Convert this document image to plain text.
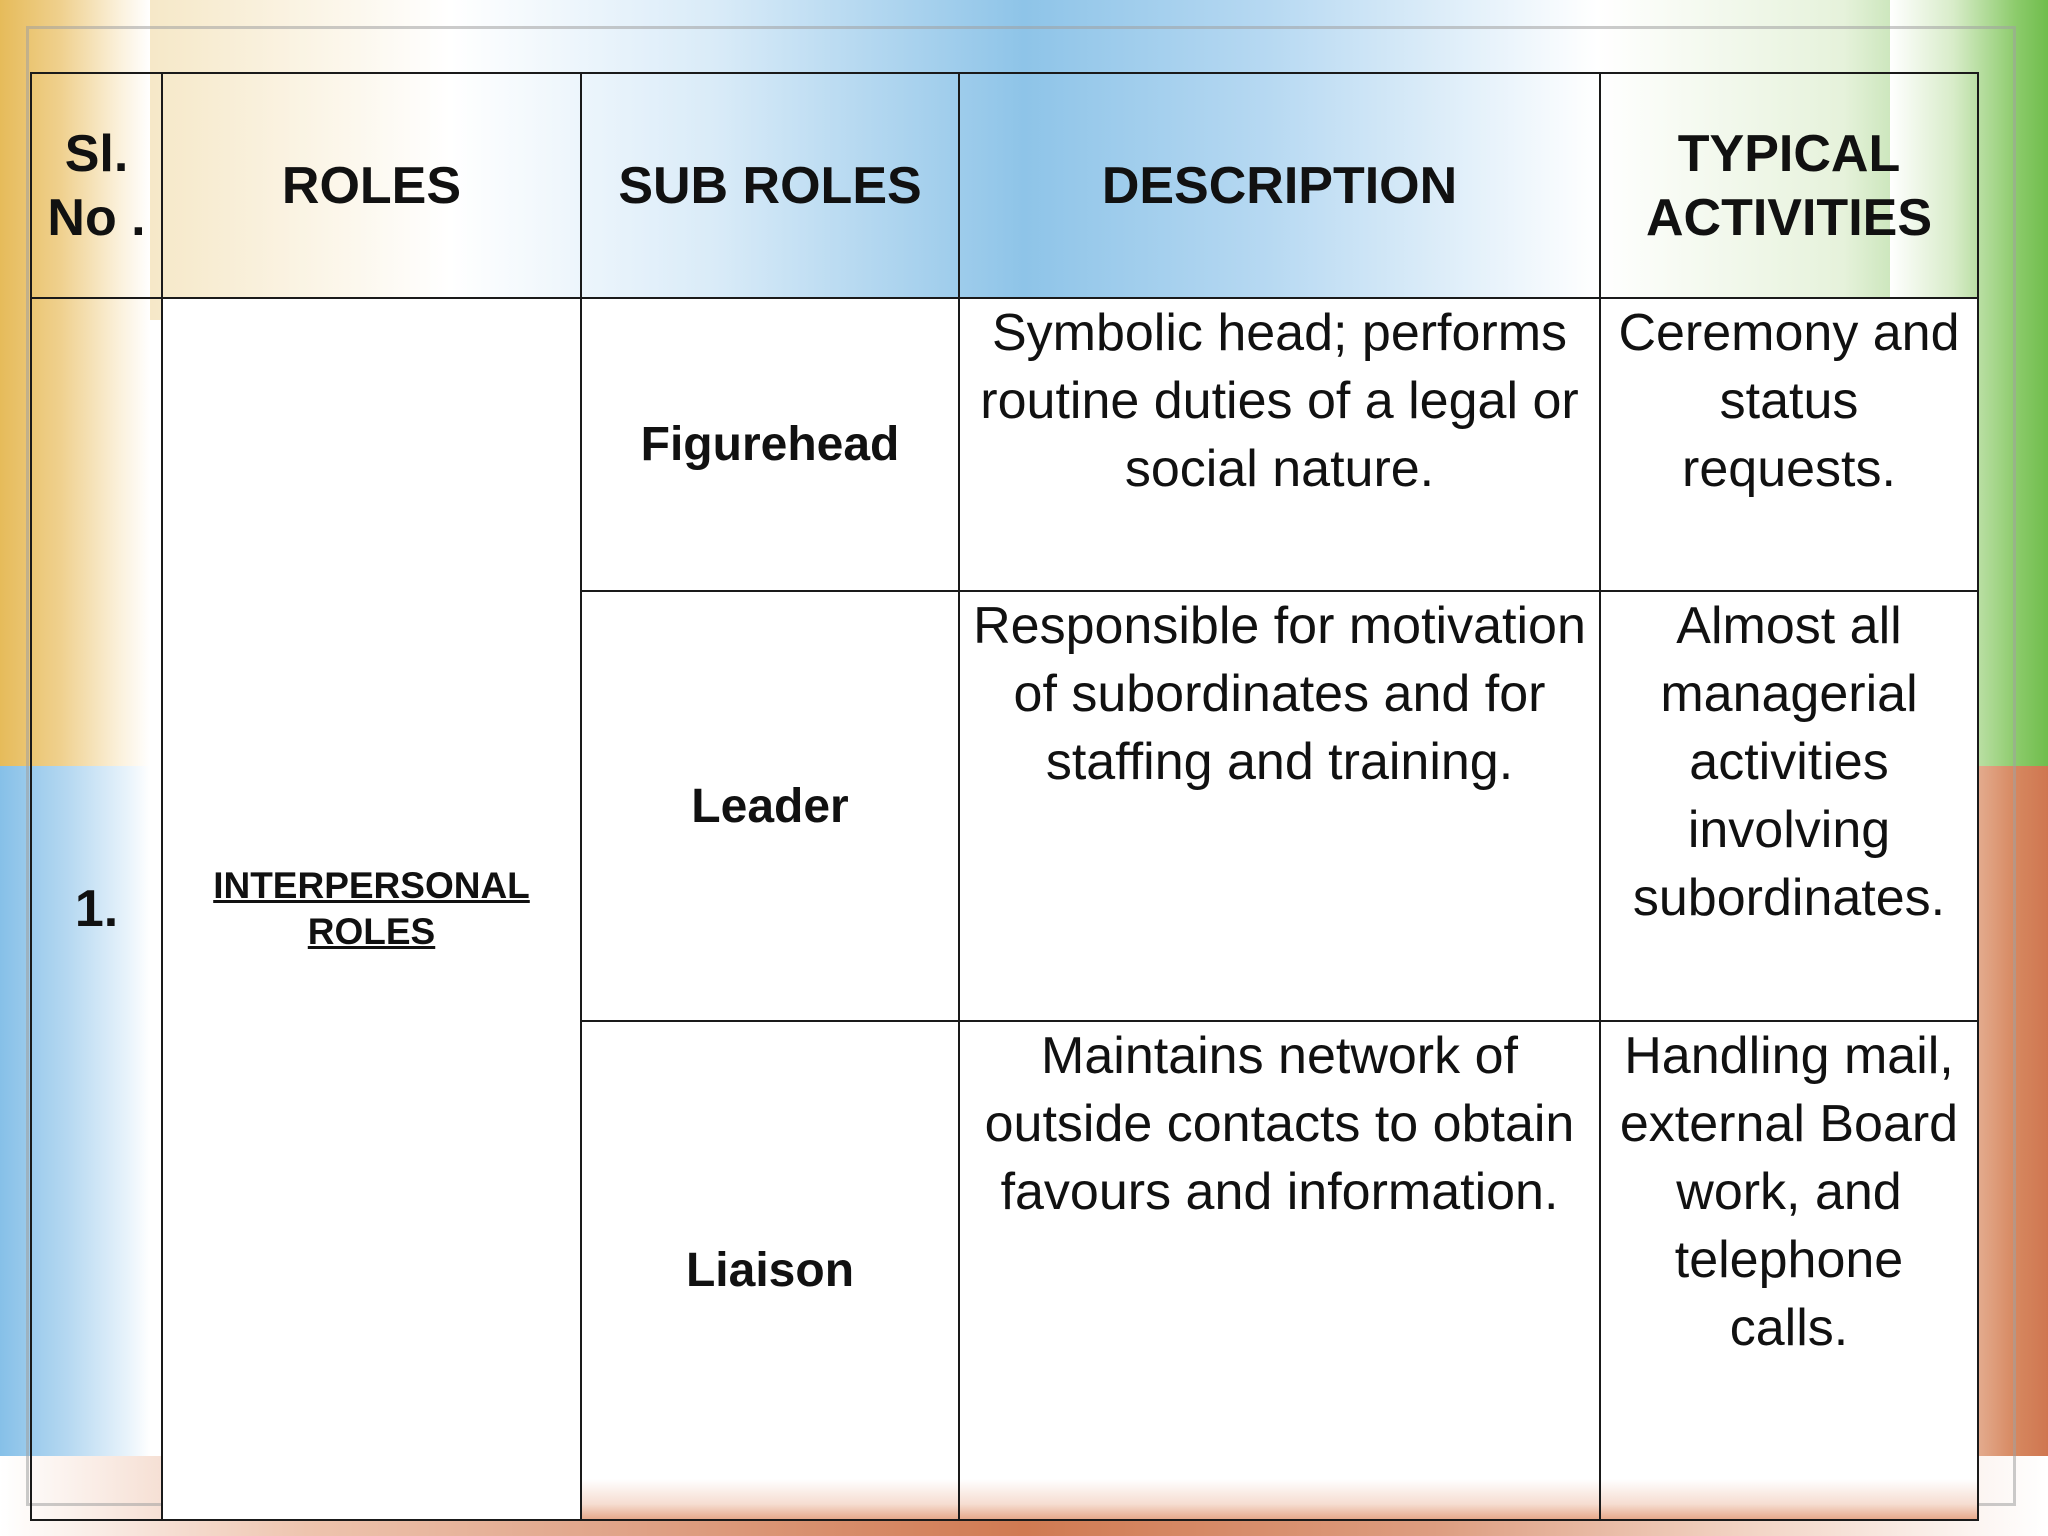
Sl. No .	ROLES	SUB ROLES	DESCRIPTION	TYPICAL ACTIVITIES
1.	INTERPERSONAL ROLES	Figurehead	Symbolic head; performs routine duties of a legal or social nature.	Ceremony and status requests.
		Leader	Responsible for motivation of subordinates and for staffing and training.	Almost all managerial activities involving subordinates.
		Liaison	Maintains network of outside contacts to obtain favours and information.	Handling mail, external Board work, and telephone calls.
